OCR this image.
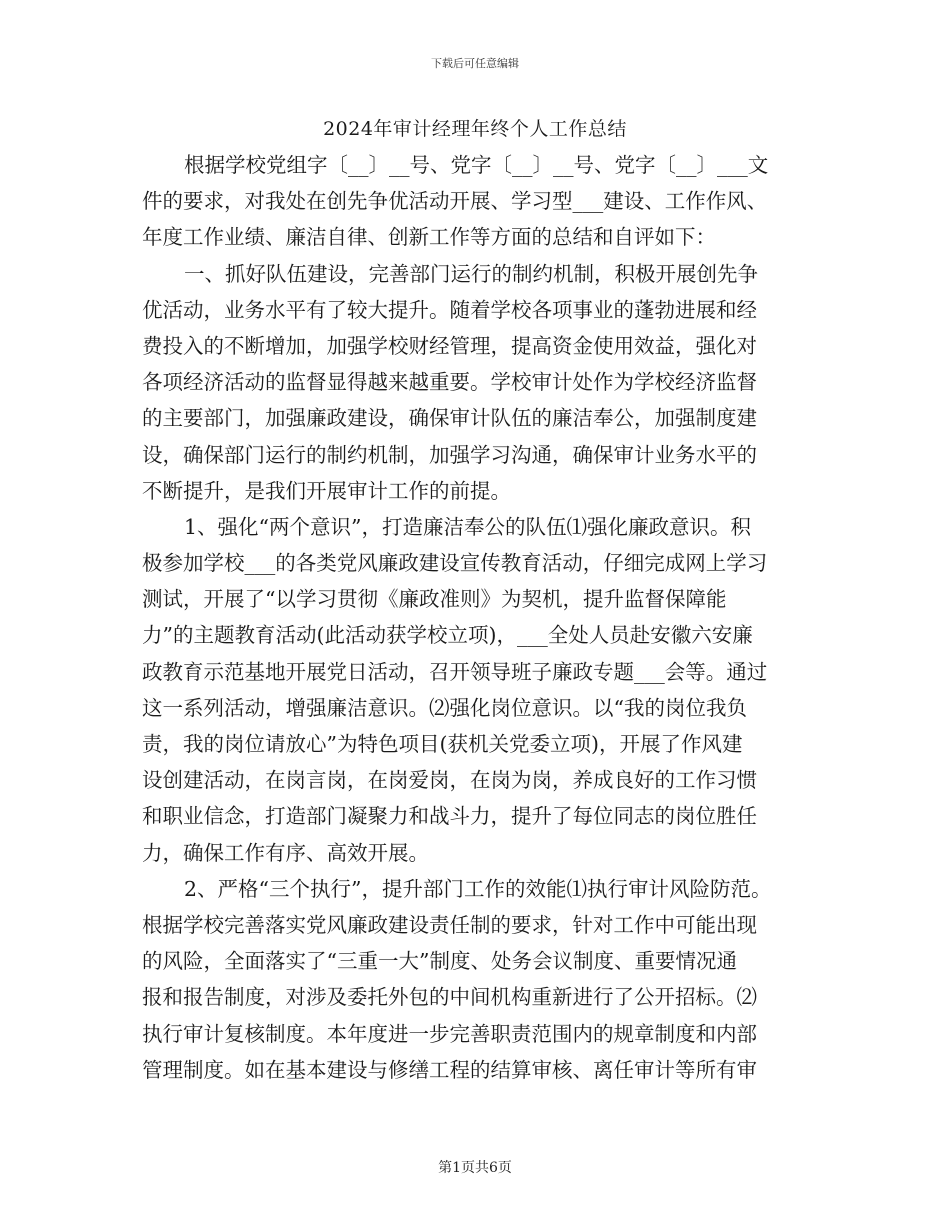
下载后可任意编辑
2024年审计经理年终个人工作总结
根据学校党组字〔__〕__号、党字〔__〕__号、党字〔__〕___文
件的要求，对我处在创先争优活动开展、学习型___建设、工作作风、
年度工作业绩、廉洁自律、创新工作等方面的总结和自评如下：
一、抓好队伍建设，完善部门运行的制约机制，积极开展创先争
优活动，业务水平有了较大提升。随着学校各项事业的蓬勃进展和经
费投入的不断增加，加强学校财经管理，提高资金使用效益，强化对
各项经济活动的监督显得越来越重要。学校审计处作为学校经济监督
的主要部门，加强廉政建设，确保审计队伍的廉洁奉公，加强制度建
设，确保部门运行的制约机制，加强学习沟通，确保审计业务水平的
不断提升，是我们开展审计工作的前提。
1、强化“两个意识”，打造廉洁奉公的队伍⑴强化廉政意识。积
极参加学校___的各类党风廉政建设宣传教育活动，仔细完成网上学习
测试，开展了“以学习贯彻《廉政准则》为契机，提升监督保障能
力”的主题教育活动(此活动获学校立项)，___全处人员赴安徽六安廉
政教育示范基地开展党日活动，召开领导班子廉政专题___会等。通过
这一系列活动，增强廉洁意识。⑵强化岗位意识。以“我的岗位我负
责，我的岗位请放心”为特色项目(获机关党委立项)，开展了作风建
设创建活动，在岗言岗，在岗爱岗，在岗为岗，养成良好的工作习惯
和职业信念，打造部门凝聚力和战斗力，提升了每位同志的岗位胜任
力，确保工作有序、高效开展。
2、严格“三个执行”，提升部门工作的效能⑴执行审计风险防范。
根据学校完善落实党风廉政建设责任制的要求，针对工作中可能出现
的风险，全面落实了“三重一大”制度、处务会议制度、重要情况通
报和报告制度，对涉及委托外包的中间机构重新进行了公开招标。⑵
执行审计复核制度。本年度进一步完善职责范围内的规章制度和内部
管理制度。如在基本建设与修缮工程的结算审核、离任审计等所有审
第1页共6页
